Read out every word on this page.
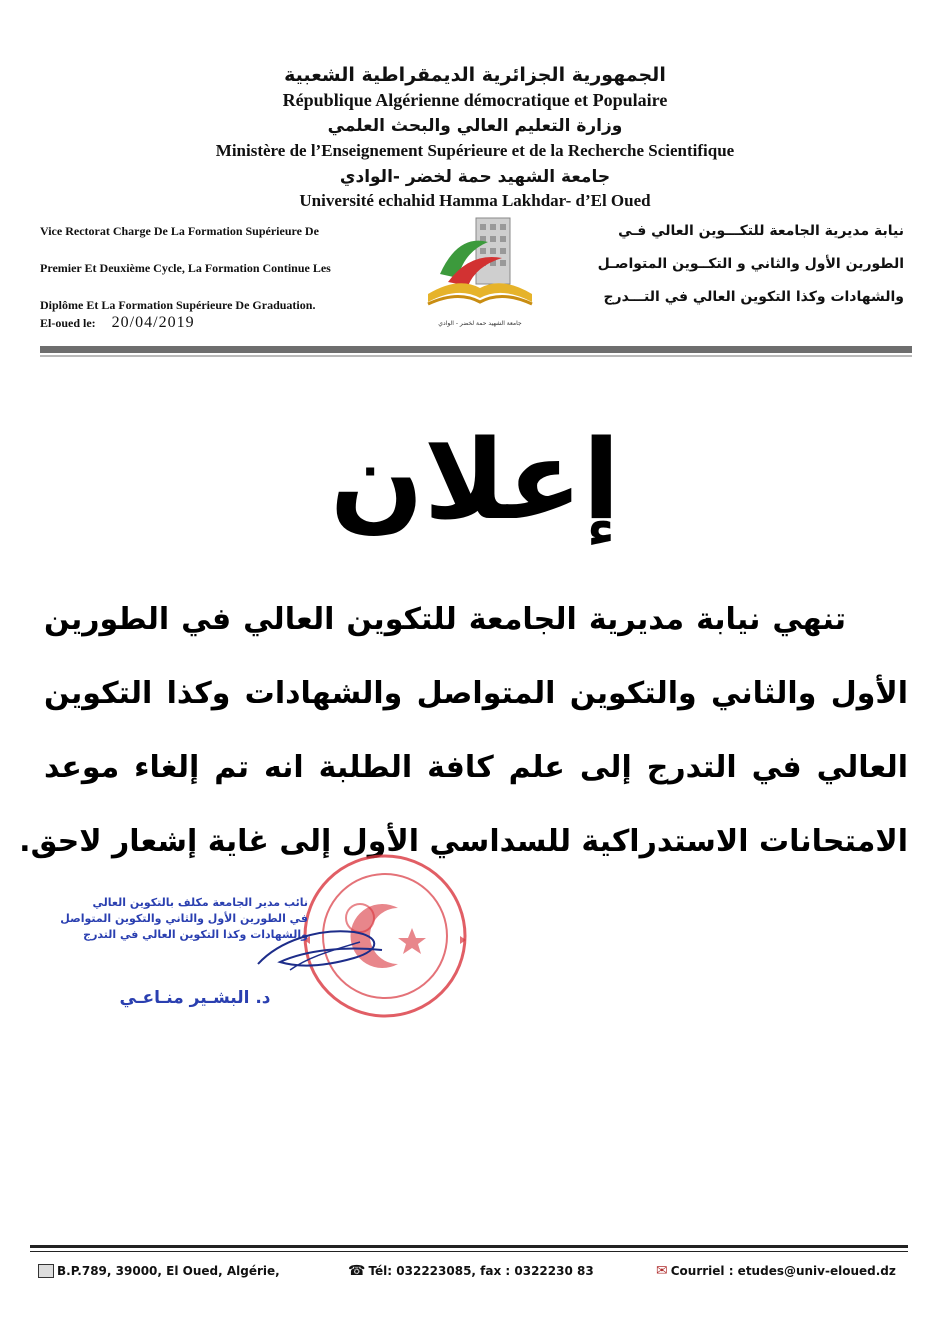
الجمهورية الجزائرية الديمقراطية الشعبية
République Algérienne démocratique et Populaire
وزارة التعليم العالي والبحث العلمي
Ministère de l’Enseignement Supérieure et de la Recherche Scientifique
جامعة الشهيد حمة لخضر -الوادي
Université echahid Hamma Lakhdar- d’El Oued
Vice Rectorat Charge De La Formation Supérieure De
Premier Et Deuxième Cycle, La Formation Continue Les
Diplôme Et La Formation Supérieure De Graduation.
El-oued le: 20/04/2019	جامعة الشهيد حمة لخضر - الوادي
نيابة مديرية الجامعة للتكـــوين العالي فـي
الطورين الأول والثاني و التكــوين المتواصـل
والشهادات وكذا التكوين العالي في التـــدرج
إعلان
تنهي نيابة مديرية الجامعة للتكوين العالي في الطورين
الأول والثاني والتكوين المتواصل والشهادات وكذا التكوين
العالي في التدرج إلى علم كافة الطلبة انه تم إلغاء موعد
الامتحانات الاستدراكية للسداسي الأول إلى غاية إشعار لاحق.
نائب مدير الجامعة مكلف بالتكوين العالي
في الطورين الأول والثاني والتكوين المتواصل
والشهادات وكذا التكوين العالي في التدرج
د. البشـير منـاعـي
B.P.789, 39000, El Oued, Algérie,	☎ Tél: 032223085, fax : 0322230 83	✉ Courriel : etudes@univ-eloued.dz
